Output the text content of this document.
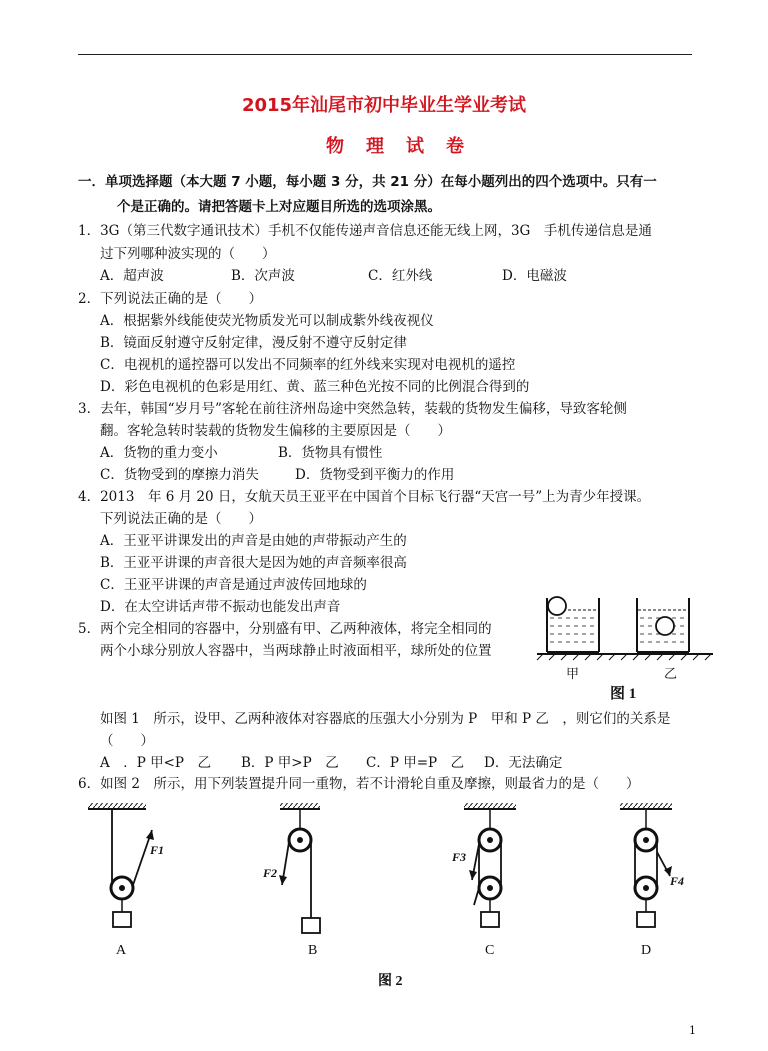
2015年汕尾市初中毕业生学业考试
物理试卷
一．单项选择题（本大题 7 小题，每小题 3 分，共 21 分）在每小题列出的四个选项中。只有一
个是正确的。请把答题卡上对应题目所选的选项涂黑。
1．3G（第三代数字通讯技术）手机不仅能传递声音信息还能无线上网，3G　手机传递信息是通
过下列哪种波实现的（　　）
A．超声波	B．次声波	C．红外线	D．电磁波
2．下列说法正确的是（　　）
A．根据紫外线能使荧光物质发光可以制成紫外线夜视仪
B．镜面反射遵守反射定律，漫反射不遵守反射定律
C．电视机的遥控器可以发出不同频率的红外线来实现对电视机的遥控
D．彩色电视机的色彩是用红、黄、蓝三种色光按不同的比例混合得到的
3．去年，韩国“岁月号”客轮在前往济州岛途中突然急转，装载的货物发生偏移，导致客轮侧
翻。客轮急转时装载的货物发生偏移的主要原因是（　　）
A．货物的重力变小	B．货物具有惯性
C．货物受到的摩擦力消失	D．货物受到平衡力的作用
4．2013　年 6 月 20 日，女航天员王亚平在中国首个目标飞行器“天宫一号”上为青少年授课。
下列说法正确的是（　　）
A．王亚平讲课发出的声音是由她的声带振动产生的
B．王亚平讲课的声音很大是因为她的声音频率很高
C．王亚平讲课的声音是通过声波传回地球的
D．在太空讲话声带不振动也能发出声音
5．两个完全相同的容器中，分别盛有甲、乙两种液体，将完全相同的
两个小球分别放人容器中，当两球静止时液面相平，球所处的位置
如图 1　所示，设甲、乙两种液体对容器底的压强大小分别为 P　甲和 P 乙　，则它们的关系是
（　　）
A　．P 甲<P　乙 B．P 甲>P　乙 C．P 甲=P　乙 D．无法确定
甲	乙
图 1
6．如图 2　所示，用下列装置提升同一重物，若不计滑轮自重及摩擦，则最省力的是（　　）
F1
F2
F3
F4
A	B	C	D
图 2
1
